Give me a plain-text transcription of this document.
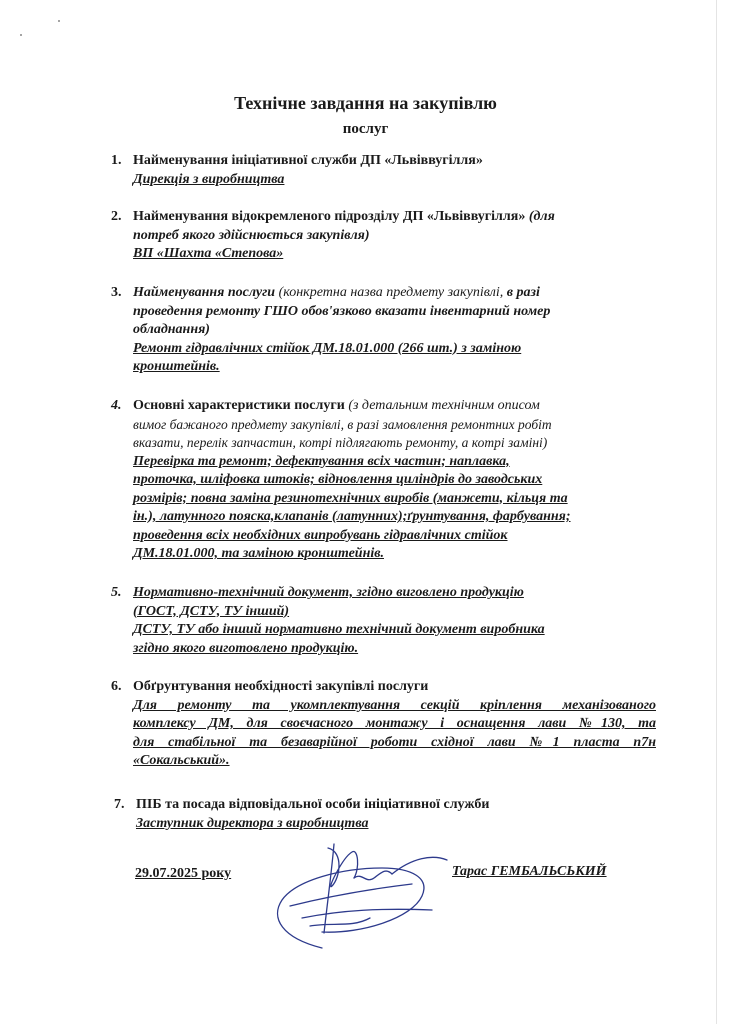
Технічне завдання на закупівлю
послуг
1. Найменування ініціативної служби ДП «Львіввугілля»
Дирекція з виробництва
2. Найменування відокремленого підрозділу ДП «Львіввугілля» (для
потреб якого здійснюється закупівля)
ВП «Шахта «Степова»
3. Найменування послуги (конкретна назва предмету закупівлі, в разі
проведення ремонту ГШО обов'язково вказати інвентарний номер
обладнання)
Ремонт гідравлічних стійок ДМ.18.01.000 (266 шт.) з заміною
кронштейнів.
4. Основні характеристики послуги (з детальним технічним описом
вимог бажаного предмету закупівлі, в разі замовлення ремонтних робіт
вказати, перелік запчастин, котрі підлягають ремонту, а котрі заміні)
Перевірка та ремонт; дефектування всіх частин; наплавка,
проточка, шліфовка штоків; відновлення циліндрів до заводських
розмірів; повна заміна резинотехнічних виробів (манжети, кільця та
ін.), латунного пояска,клапанів (латунних);ґрунтування, фарбування;
проведення всіх необхідних випробувань гідравлічних стійок
ДМ.18.01.000, та заміною кронштейнів.
5. Нормативно-технічний документ, згідно виговлено продукцію
(ГОСТ, ДСТУ, ТУ інший)
ДСТУ, ТУ або інший нормативно технічний документ виробника
згідно якого виготовлено продукцію.
6. Обґрунтування необхідності закупівлі послуги
Для ремонту та укомплектування секцій кріплення механізованого
комплексу ДМ, для своєчасного монтажу і оснащення лави №130, та
для стабільної та безаварійної роботи східної лави №1 пласта п7н
«Сокальський».
7. ПІБ та посада відповідальної особи ініціативної служби
Заступник директора з виробництва
29.07.2025 року	Тарас ГЕМБАЛЬСЬКИЙ
